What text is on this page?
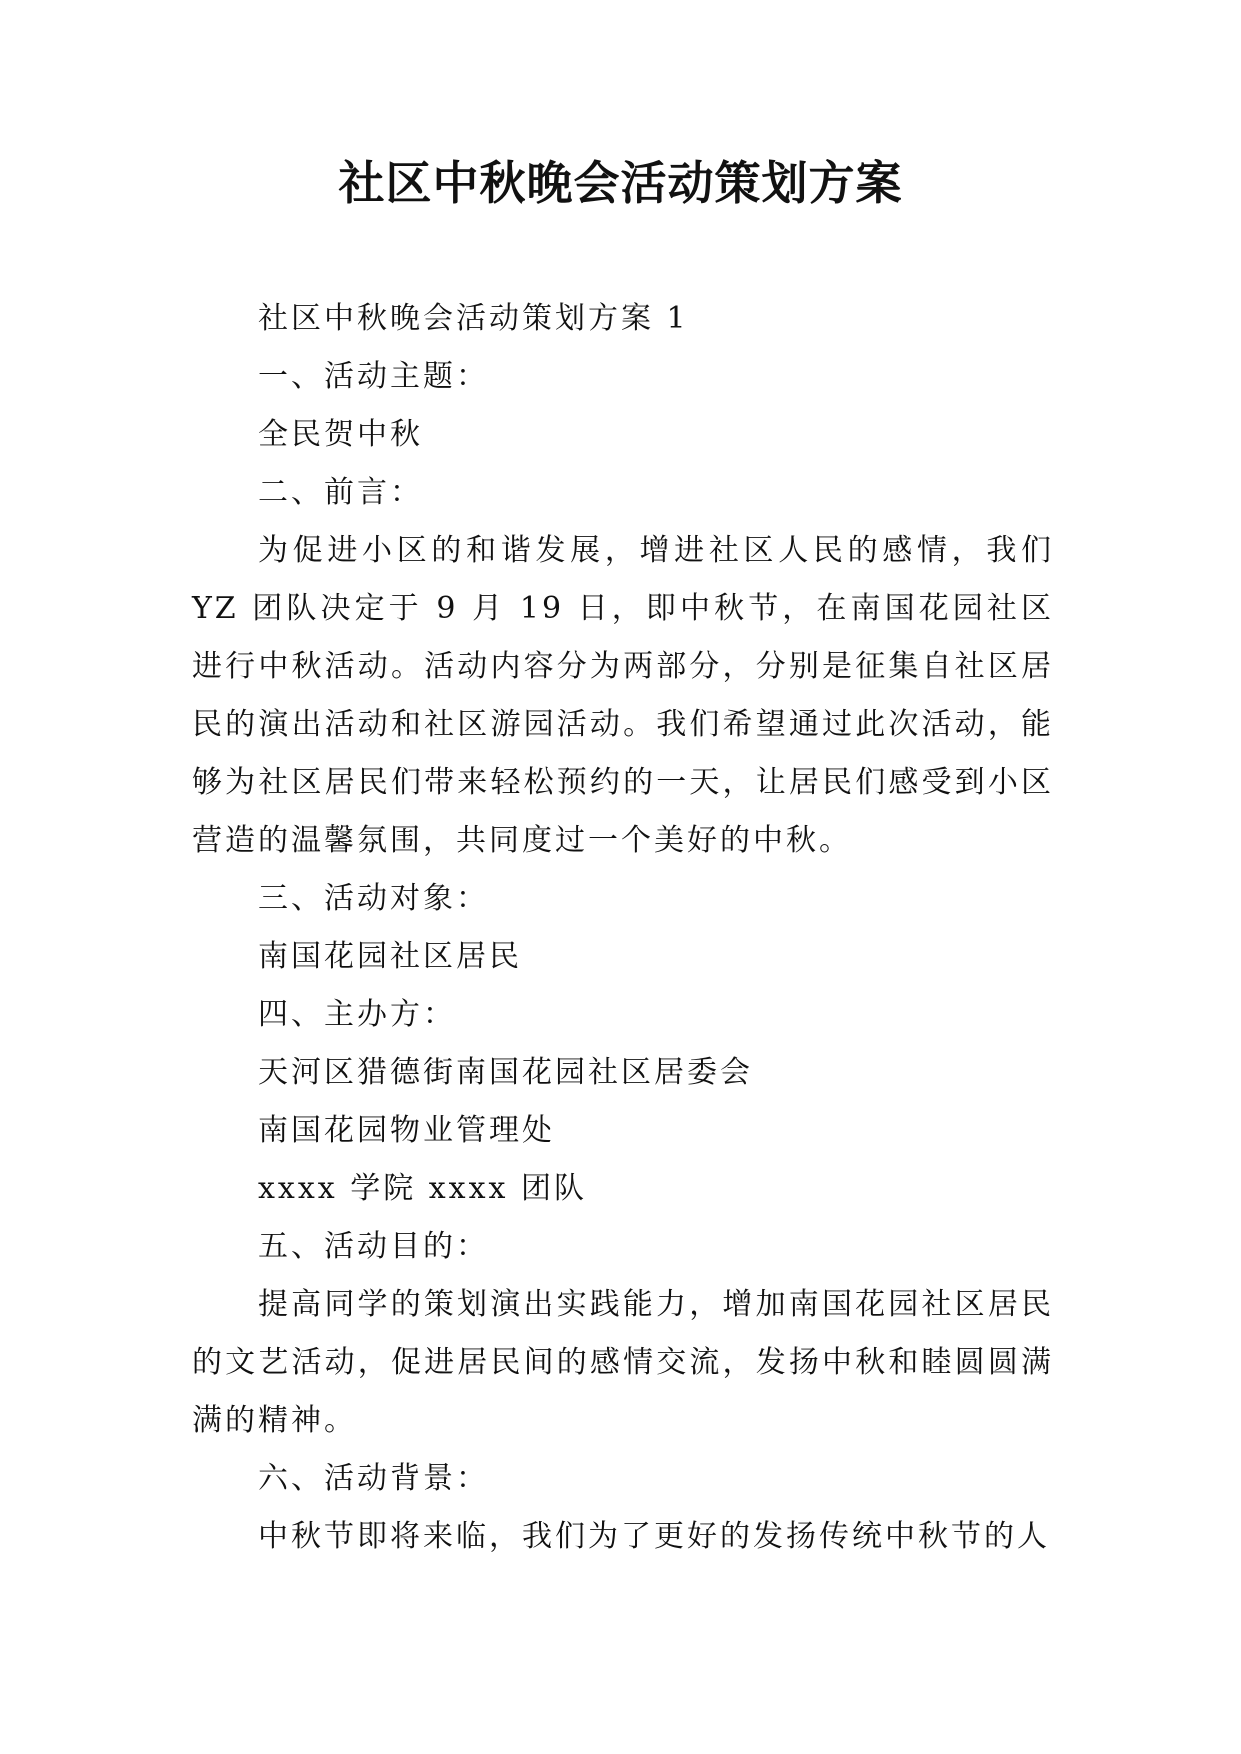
社区中秋晚会活动策划方案

社区中秋晚会活动策划方案 1

一、活动主题：

全民贺中秋

二、前言：

为促进小区的和谐发展，增进社区人民的感情，我们 YZ 团队决定于 9 月 19 日，即中秋节，在南国花园社区进行中秋活动。活动内容分为两部分，分别是征集自社区居民的演出活动和社区游园活动。我们希望通过此次活动，能够为社区居民们带来轻松预约的一天，让居民们感受到小区营造的温馨氛围，共同度过一个美好的中秋。

三、活动对象：

南国花园社区居民

四、主办方：

天河区猎德街南国花园社区居委会

南国花园物业管理处

xxxx 学院 xxxx 团队

五、活动目的：

提高同学的策划演出实践能力，增加南国花园社区居民的文艺活动，促进居民间的感情交流，发扬中秋和睦圆圆满满的精神。

六、活动背景：

中秋节即将来临，我们为了更好的发扬传统中秋节的人
